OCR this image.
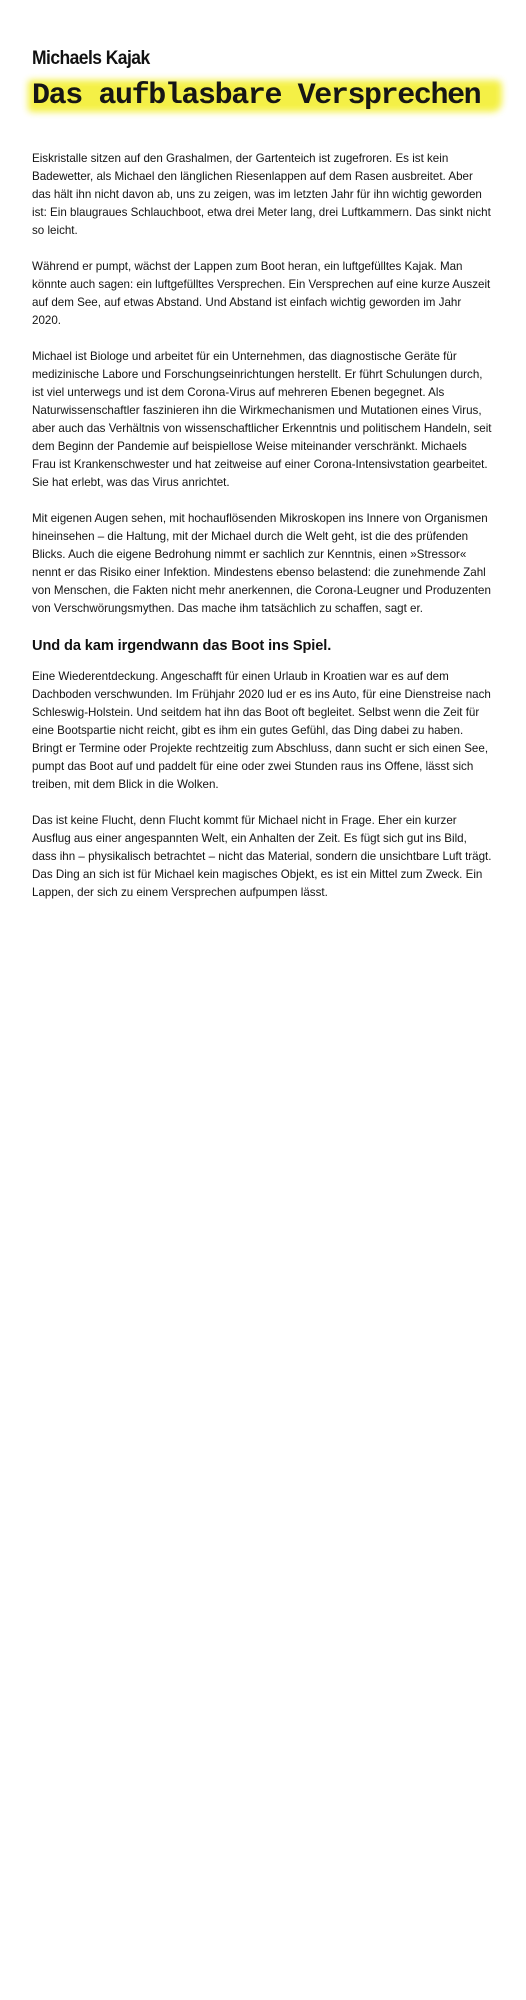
Michaels Kajak
Das aufblasbare Versprechen

Eiskristalle sitzen auf den Grashalmen, der Gartenteich ist zugefroren. Es ist kein Badewetter, als Michael den länglichen Riesenlappen auf dem Rasen ausbreitet. Aber das hält ihn nicht davon ab, uns zu zeigen, was im letzten Jahr für ihn wichtig geworden ist: Ein blaugraues Schlauchboot, etwa drei Meter lang, drei Luftkammern. Das sinkt nicht so leicht.

Während er pumpt, wächst der Lappen zum Boot heran, ein luftgefülltes Kajak. Man könnte auch sagen: ein luftgefülltes Versprechen. Ein Versprechen auf eine kurze Auszeit auf dem See, auf etwas Abstand. Und Abstand ist einfach wichtig geworden im Jahr 2020.

Michael ist Biologe und arbeitet für ein Unternehmen, das diagnostische Geräte für medizinische Labore und Forschungseinrichtungen herstellt. Er führt Schulungen durch, ist viel unterwegs und ist dem Corona-Virus auf mehreren Ebenen begegnet. Als Naturwissenschaftler faszinieren ihn die Wirkmechanismen und Mutationen eines Virus, aber auch das Verhältnis von wissenschaftlicher Erkenntnis und politischem Handeln, seit dem Beginn der Pandemie auf beispiellose Weise miteinander verschränkt. Michaels Frau ist Krankenschwester und hat zeitweise auf einer Corona-Intensivstation gearbeitet. Sie hat erlebt, was das Virus anrichtet.

Mit eigenen Augen sehen, mit hochauflösenden Mikroskopen ins Innere von Organismen hineinsehen – die Haltung, mit der Michael durch die Welt geht, ist die des prüfenden Blicks. Auch die eigene Bedrohung nimmt er sachlich zur Kenntnis, einen »Stressor« nennt er das Risiko einer Infektion. Mindestens ebenso belastend: die zunehmende Zahl von Menschen, die Fakten nicht mehr anerkennen, die Corona-Leugner und Produzenten von Verschwörungsmythen. Das mache ihm tatsächlich zu schaffen, sagt er.

Und da kam irgendwann das Boot ins Spiel.

Eine Wiederentdeckung. Angeschafft für einen Urlaub in Kroatien war es auf dem Dachboden verschwunden. Im Frühjahr 2020 lud er es ins Auto, für eine Dienstreise nach Schleswig-Holstein. Und seitdem hat ihn das Boot oft begleitet. Selbst wenn die Zeit für eine Bootspartie nicht reicht, gibt es ihm ein gutes Gefühl, das Ding dabei zu haben. Bringt er Termine oder Projekte rechtzeitig zum Abschluss, dann sucht er sich einen See, pumpt das Boot auf und paddelt für eine oder zwei Stunden raus ins Offene, lässt sich treiben, mit dem Blick in die Wolken.

Das ist keine Flucht, denn Flucht kommt für Michael nicht in Frage. Eher ein kurzer Ausflug aus einer angespannten Welt, ein Anhalten der Zeit. Es fügt sich gut ins Bild, dass ihn – physikalisch betrachtet – nicht das Material, sondern die unsichtbare Luft trägt. Das Ding an sich ist für Michael kein magisches Objekt, es ist ein Mittel zum Zweck. Ein Lappen, der sich zu einem Versprechen aufpumpen lässt.
